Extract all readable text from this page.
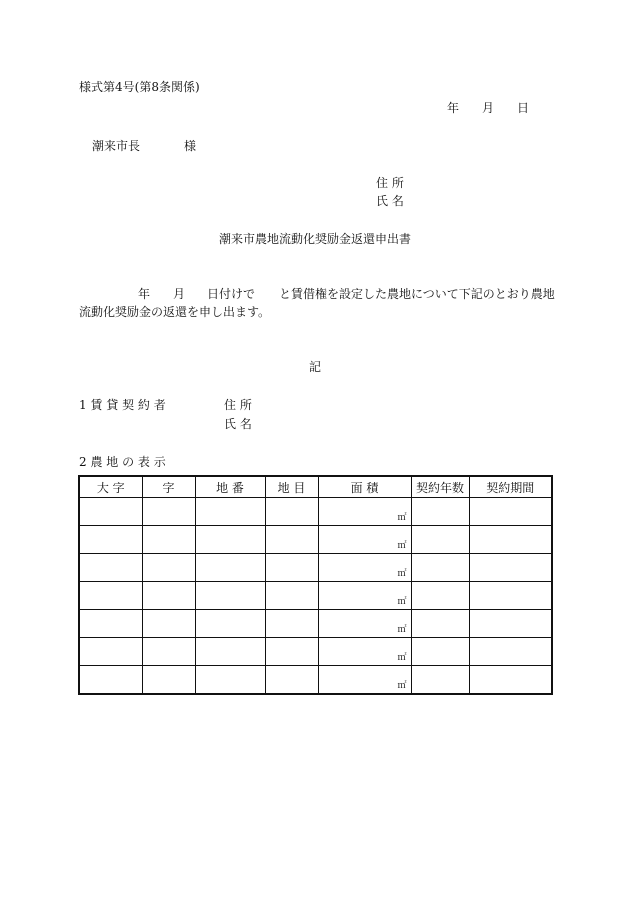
様式第4号(第8条関係)
年 月 日
潮来市長	様
住 所
氏 名
潮来市農地流動化奨励金返還申出書
年 月 日付けで と賃借権を設定した農地について下記のとおり農地
流動化奨励金の返還を申し出ます。
記
1 賃 貸 契 約 者	住 所
氏 名
2 農 地 の 表 示
大 字	字	地 番	地 目	面 積	契約年数	契約期間
				㎡		
				㎡		
				㎡		
				㎡		
				㎡		
				㎡		
				㎡		
